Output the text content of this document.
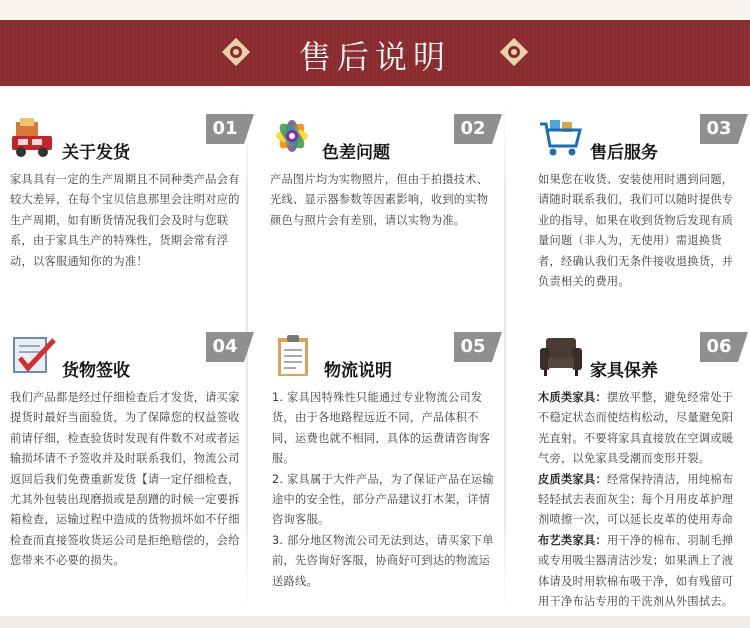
售后说明
关于发货
01

家具具有一定的生产周期且不同种类产品会有较大差异，在每个宝贝信息那里会注明对应的生产周期，如有断货情况我们会及时与您联系，由于家具生产的特殊性，货期会常有浮动，以客服通知你的为准！

色差问题
02

产品图片均为实物照片，但由于拍摄技术、光线、显示器参数等因素影响，收到的实物颜色与照片会有差别，请以实物为准。

售后服务
03

如果您在收货、安装使用时遇到问题，请随时联系我们，我们可以随时提供专业的指导，如果在收到货物后发现有质量问题（非人为，无使用）需退换货者，经确认我们无条件接收退换货，并负责相关的费用。

货物签收
04

我们产品都是经过仔细检查后才发货，请买家提货时最好当面验货，为了保障您的权益签收前请仔细，检查验货时发现有件数不对或者运输损坏请不予签收并及时联系我们，物流公司返回后我们免费重新发货【请一定仔细检查，尤其外包装出现磨损或是刮蹭的时候一定要拆箱检查，运输过程中造成的货物损坏如不仔细检查而直接签收货运公司是拒绝赔偿的，会给您带来不必要的损失。

物流说明
05

1. 家具因特殊性只能通过专业物流公司发货，由于各地路程远近不同，产品体积不同，运费也就不相同，具体的运费请咨询客服。

2. 家具属于大件产品，为了保证产品在运输途中的安全性，部分产品建议打木架，详情咨询客服。

3. 部分地区物流公司无法到达，请买家下单前，先咨询好客服，协商好可到达的物流运送路线。

家具保养
06

木质类家具：摆放平整，避免经常处于不稳定状态而使结构松动，尽量避免阳光直射。不要将家具直接放在空调或暖气旁，以免家具受潮而变形开裂。

皮质类家具：经常保持清洁，用纯棉布轻轻拭去表面灰尘；每个月用皮革护理剂喷擦一次，可以延长皮革的使用寿命

布艺类家具：用干净的棉布、羽制毛掸或专用吸尘器清洁沙发；如果洒上了液体请及时用软棉布吸干净，如有残留可用干净布沾专用的干洗剂从外围拭去。
